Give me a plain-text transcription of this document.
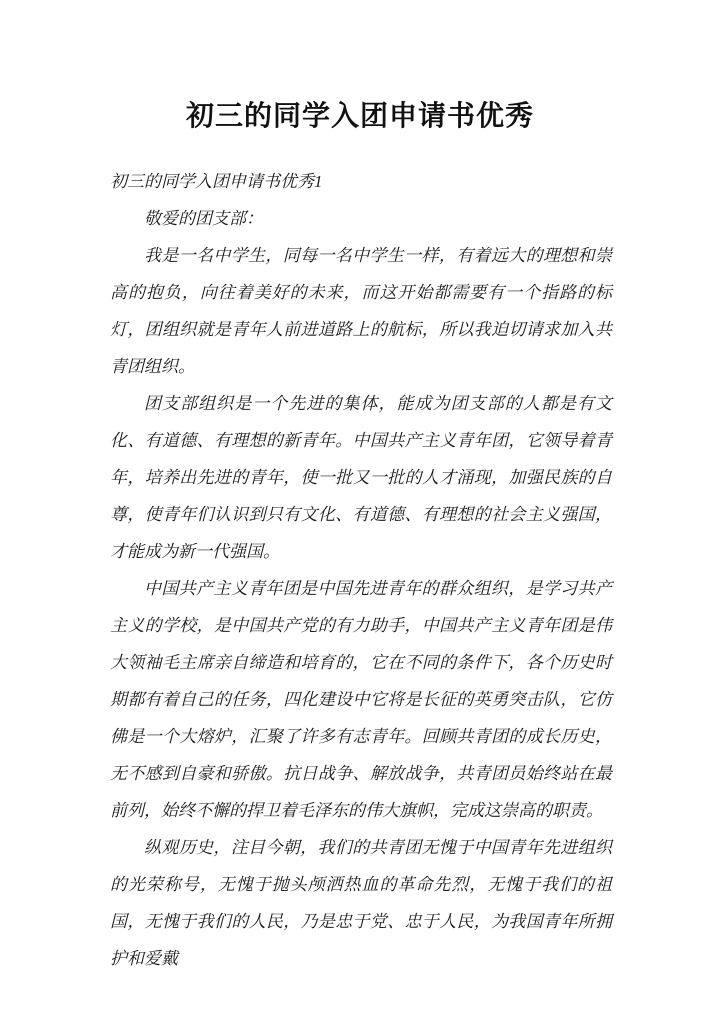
初三的同学入团申请书优秀

初三的同学入团申请书优秀1

敬爱的团支部：

我是一名中学生，同每一名中学生一样，有着远大的理想和崇高的抱负，向往着美好的未来，而这开始都需要有一个指路的标灯，团组织就是青年人前进道路上的航标，所以我迫切请求加入共青团组织。

团支部组织是一个先进的集体，能成为团支部的人都是有文化、有道德、有理想的新青年。中国共产主义青年团，它领导着青年，培养出先进的青年，使一批又一批的人才涌现，加强民族的自尊，使青年们认识到只有文化、有道德、有理想的社会主义强国，才能成为新一代强国。

中国共产主义青年团是中国先进青年的群众组织，是学习共产主义的学校，是中国共产党的有力助手，中国共产主义青年团是伟大领袖毛主席亲自缔造和培育的，它在不同的条件下，各个历史时期都有着自己的任务，四化建设中它将是长征的英勇突击队，它仿佛是一个大熔炉，汇聚了许多有志青年。回顾共青团的成长历史，无不感到自豪和骄傲。抗日战争、解放战争，共青团员始终站在最前列，始终不懈的捍卫着毛泽东的伟大旗帜，完成这崇高的职责。

纵观历史，注目今朝，我们的共青团无愧于中国青年先进组织的光荣称号，无愧于抛头颅洒热血的革命先烈，无愧于我们的祖国，无愧于我们的人民，乃是忠于党、忠于人民，为我国青年所拥护和爱戴
